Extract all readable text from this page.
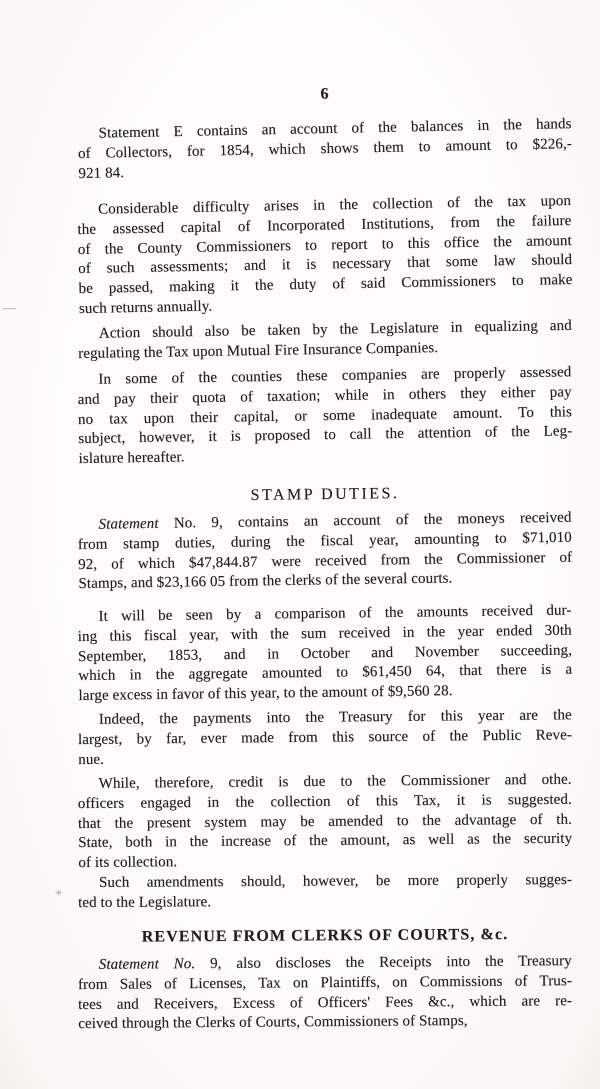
6
Statement E contains an account of the balances in the hands
of Collectors, for 1854, which shows them to amount to $226,-
921 84.
Considerable difficulty arises in the collection of the tax upon
the assessed capital of Incorporated Institutions, from the failure
of the County Commissioners to report to this office the amount
of such assessments; and it is necessary that some law should
be passed, making it the duty of said Commissioners to make
such returns annually.
Action should also be taken by the Legislature in equalizing and
regulating the Tax upon Mutual Fire Insurance Companies.
In some of the counties these companies are properly assessed
and pay their quota of taxation; while in others they either pay
no tax upon their capital, or some inadequate amount. To this
subject, however, it is proposed to call the attention of the Leg-
islature hereafter.
STAMP DUTIES.
Statement No. 9, contains an account of the moneys received
from stamp duties, during the fiscal year, amounting to $71,010
92, of which $47,844.87 were received from the Commissioner of
Stamps, and $23,166 05 from the clerks of the several courts.
It will be seen by a comparison of the amounts received dur-
ing this fiscal year, with the sum received in the year ended 30th
September, 1853, and in October and November succeeding,
which in the aggregate amounted to $61,450 64, that there is a
large excess in favor of this year, to the amount of $9,560 28.
Indeed, the payments into the Treasury for this year are the
largest, by far, ever made from this source of the Public Reve-
nue.
While, therefore, credit is due to the Commissioner and othe.
officers engaged in the collection of this Tax, it is suggested.
that the present system may be amended to the advantage of th.
State, both in the increase of the amount, as well as the security
of its collection.
Such amendments should, however, be more properly sugges-
ted to the Legislature.
REVENUE FROM CLERKS OF COURTS, &c.
Statement No. 9, also discloses the Receipts into the Treasury
from Sales of Licenses, Tax on Plaintiffs, on Commissions of Trus-
tees and Receivers, Excess of Officers' Fees &c., which are re-
ceived through the Clerks of Courts, Commissioners of Stamps,
—
✳
